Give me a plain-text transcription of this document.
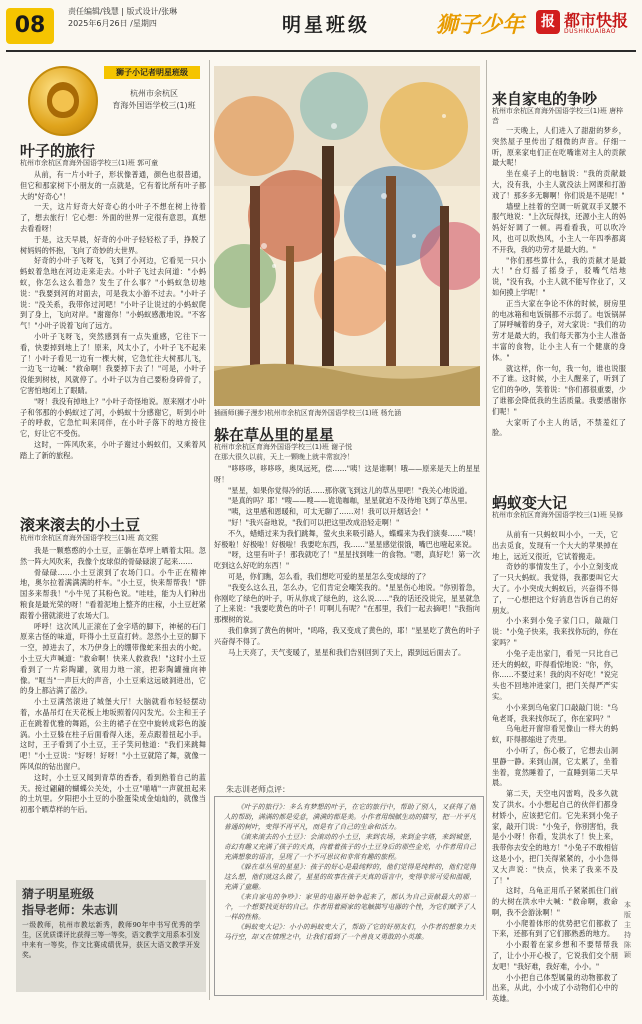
08
责任编辑/钱慧 | 版式设计/张琳
2025年6月26日 /星期四	明星班级	狮子少年	报 都市快报
DUSHIKUAIBAO
狮子小记者明星班级
杭州市余杭区
育海外国语学校三(1)班
叶子的旅行
杭州市余杭区育海外国语学校三(1)班 郭可童

从前，有一片小叶子，形状像普通，颜色也很普通，但它和那家树下小朋友的一点就是，它有着比所有叶子都大的"好奇心"！

一天，这片好奇大好奇心的小叶子不想在树上待着了，想去旅行！它心想：外面的世界一定很有意思，真想去看看呀！

于是，这天早晨，好奇的小叶子轻轻松了手，挣脱了树妈妈的怀抱，飞向了奇妙的大世界。

好奇的小叶子飞呀飞，飞到了小河边，它看见一只小蚂蚁着急地在河边走来走去。小叶子飞过去问道："小蚂蚁，你怎么这么着急？发生了什么事？"小蚂蚁急切地说："我要到河的对面去，可是我太小游不过去。"小叶子说："没关系，我带你过河吧！"小叶子让说过的小蚂蚁爬到了身上，飞向对岸。"谢谢你！"小蚂蚁感激地说。"不客气！"小叶子说着飞向了远方。

小叶子飞呀飞，突然感到有一点失重感，它往下一看，快要掉到地上了！原来，风太小了，小叶子飞不起来了！小叶子看见一边有一棵大树，它急忙往大树那儿飞，一边飞一边喊："救命啊！我要掉下去了！"可是，小叶子没能到树枝，风就停了。小叶子以为自己要粉身碎骨了，它害怕地闭上了眼睛。

"呀！我没有掉地上？"小叶子奇怪地说。原来刚才小叶子和邻那的小蚂蚁过了河，小蚂蚁十分感谢它，听到小叶子的呼救，它急忙叫来同伴，在小叶子落下的地方接住它，好让它不受伤。

这时，一阵风吹来，小叶子谢过小蚂蚁们，又乘着风踏上了新的旅程。

滚来滚去的小土豆
杭州市余杭区育海外国语学校三(1)班 高文熙

我是一颗憨憨的小土豆，正躺在草坪上晒着太阳。忽然一阵大风吹来，我像个皮球似的骨碌碌滚了起来……

骨碌碌……小土豆滚到了农场门口。小牛正在精神地，奥尔拉着满满满的杆车。"小土豆，快来帮帮我！"胖国多来帮我！"小牛见了其粉色说。"哇哇，能为人们种出粮食是最光荣的呀！"看着泥地上整齐的庄稼，小土豆赶紧跟着小猪就滚进了农场大门。

呼呼！这次风儿正滚在了金字塔的脚下，神秘的石门原来古怪的味道，吓得小土豆直打转。忽然小土豆的脚下一空，掉进去了，木乃伊身上的绷带像蛇来扭去的小蛇。小土豆大声喊道："救命啊！快来人救救我！"这时小土豆看到了一片彩陶罐，就用力地一滚，把彩陶罐撞向神像。"哐当"一声巨大的声音，小土豆乘这远破洞进出，它的身上都沾满了蓝沙。

小土豆满然滚进了城堡大厅！大脑就看布轻轻摆动着，水晶吊灯在天花板上地坂照着闪闪发光。公主和王子正在跳着优雅的舞蹈，公主的裙子在空中旋转成彩色的漩涡。小土豆躲在柱子后面看得入迷，差点跟着扭起小手。这时，王子看到了小土豆，王子笑问他道："我们来跳舞吧！"小土豆说："好呀！好呀！"小土豆就陪了舞，就像一阵风似的钻出窗户。

这时，小土豆又闻到青草的香香，看到熟着自己的蓝天。接过翩翩的蝴蝶公关处，小土豆"喵喵"一声就扭起来的土坑里。夕阳把小土豆的小脸蛋染成金灿灿的，就像当初那个晒草样的午后。

猜子明星班级
指导老师：朱志训
一级教师，杭州市教坛新秀，教师90年中书写优秀的学生，区优质课评比获得三等一等奖，语文教学文用系本引发中来有一等奖，作文比赛成绩优异，获区大语文教学开发奖。
插画师(狮子漫步)杭州市余杭区育海外国语学校三(1)班 杨允涵
躲在草丛里的星星
杭州市余杭区育海外国语学校三(1)班 谢子悦
在那大很久以前，天上一颗晚上就丰常寂冷！

"哆哆哆，哆哆哆，奥凤远死，偿……"咦！这是谁啊！哦——原来是天上的星星呀！

"星星，如果你觉得冷的话……那你就飞到这儿的草丛里吧！"我关心地说道。

"是真的吗？耶！"嗖——嗖——诡诡咖咖，星星就迫不及待地飞到了草丛里。

"咦，这里感和恩暖和，可太无聊了……对！我可以开烟话会！"

"好！"我兴奋地说，"我们可以把这里改成沿轻走啊！"

不久，蜡蜡过来为我们跳舞，萤火虫来吸引路人，蝶蝶来为我们演奏……"咦！好极啦！好极啦！好极啦！我要吃东西，我……"星星感觉很饿，嘴巴也噎起来说。

"呀，这里有叶子！那我就吃了！"星星找到唯一的食物。"嗯，真好吃！第一次吃到这么好吃的东西！"

可是，你们瞧，怎么看，我们想吃可爱的星星怎么变成绿的了？

"我变么这么丑，怎么办，它们肯定会嘲笑我的。"星星伤心地说。"你别着急，你刚吃了绿色的叶子，听从你成了绿色的，这么说……"我的话还没说完，星星就急了上来说："我要吃黄色的叶子！叮啊儿有呢？"在那里，我们一起去摘吧！"我指向那棵树的说。

我们拿到了黄色的树叶，"呜咯，我又变成了黄色的，耶！"星星吃了黄色的叶子兴奋得不得了。

马上天亮了，天气变暖了，星星和我们告别回到了天上，跟到远后面去了。

朱志训老师点评：

《叶子的旅行》：多么有梦想的叶子，在它的旅行中，帮助了别人，又获得了他人的帮助，满满的都是爱意，满满的都是美。小作者用细腻生动的描写，把一片平凡普通的树叶，变得不再平凡，而是有了自己的生命和活力。

《滚来滚去的小土豆》：会滚动的小土豆，来到农场，来到金字塔，来到城堡，奇幻有趣又充满了孩子的天真，向着着孩子的小土豆身后的那些金光，小作者用自己充满想象的语言，呈现了一个不可思议和非常有趣的旅程。

《躲在草丛里的星星》：孩子的好心是最纯粹的，他们觉得是纯粹的，他们觉得这么想，他们就这么做了，星星的故事在孩子天真的语言中，变得非常可爱和温暖，充满了童趣。

《来自家电的争吵》：家里的电器开始争起来了，都认为自己贡献最大的那一个，一个想要找更好的自己。作者用着画家的笔触描写电器的个性，为它们赋予了人一样的性格。

《蚂蚁变大记》：小小的蚂蚁变大了，帮助了它的好朋友们，小作者的想象力天马行空，却又在情理之中，让我们看到了一个善良又勇敢的小英雄。

来自家电的争吵
杭州市余杭区育海外国语学校三(1)班 唐梓音

一天晚上，人们进入了甜甜的梦乡，突然屋子里传出了细微的声音。仔细一听，原来家电们正在吃嘴谁对主人的贡献最大呢！

坐在桌子上的电脑说："我的贡献最大，没有我，小主人就没法上网课和打游戏了！那多多无聊啊！你们说是不是呢！"

墙壁上挂着的空调一听就双手叉腰不服气地说："上次玩得找，还源小主人的妈妈好好调了一顿。再看看我，可以吹冷风，也可以吹热风，小主人一年四季都离不开我，我的功劳才是最大的。"

"你们那些算什么，我的贡献才是最大！"台灯摇了摇身子，驳嘴气结地说，"没有我，小主人就不能写作业了，又如何摸上学呢！"

正当大家在争论不休的时候，厨房里的电冰箱和电饭锅都不示弱了。电饭锅屏了屏呼喊着的身子，对大家说："我们的功劳才是最大的，我们每天都为小主人准备丰富的食物，让小主人有一个健康的身体。"

就这样，你一句，我一句，谁也说服不了谁。这时候，小主人醒来了，听到了它们的争吵，笑着说："你们都很重要，少了谁都会降低我的生活质量。我要感谢你们呢！"

大家听了小主人的话，不禁羞红了脸。

蚂蚁变大记
杭州市余杭区育海外国语学校三(1)班 吴修

从前有一只蚂蚁叫小小，一天，它出去觅食，发现有一个大大的苹果掉在地上，远近又很近，它试着搬走。

奇妙的事情发生了，小小立刻变成了一只大蚂蚁。我觉得，我都要叫它大大了。小小突成大蚂蚁后，兴奋得不得了，一心想把这个好消息告诉自己的好朋友。

小小来到小兔子家门口，敲敲门说："小兔子快来，我来找你玩的，你在家吗？"

小兔子走出家门，看见一只比自己还大的蚂蚁，吓得看惊地说："你，你，你……不要过来！我的肉不好吃！"说完头也不回地冲进家门，把门关得严严实实。

小小来到乌龟家门口敲敲门说："乌龟老哥，我来找你玩了，你在家吗？"

乌龟赶开窗帘看见像山一样大的蚂蚁，吓得都缩进了壳里。

小小听了，伤心极了，它想去山洞里静一静。来到山洞，它太累了，坐着坐着，竟然睡着了，一直睡到第二天早晨。

第二天，天空电闪雷鸣，没多久就发了洪水。小小想起自己的伙伴们都身材娇小，应该把它们。它先来到小兔子家，敲开门说："小兔子，你别害怕，我是小小呀！你看，发洪水了！快上来，我带你去安全的地方！"小兔子不敢相信这是小小，把门关得紧紧的，小小急得又大声说："快点，快来了我来不及了！"

这时，乌龟正用爪子紧紧抓住门前的大树在洪水中大喊："救命啊，救命啊，我不会游泳啊！"

小小爬着体形的优势把它们都救了下来，还都有到了它们都熟悉的地方。

小小跟着在家乡想和不要帮帮我了，让小小开心极了，它说我们交个朋友吧！"我好难，我好难，小小。"

小小把自己体型属量的动物都救了出来，从此，小小成了小动物们心中的英雄。

本版主持 陈颖
